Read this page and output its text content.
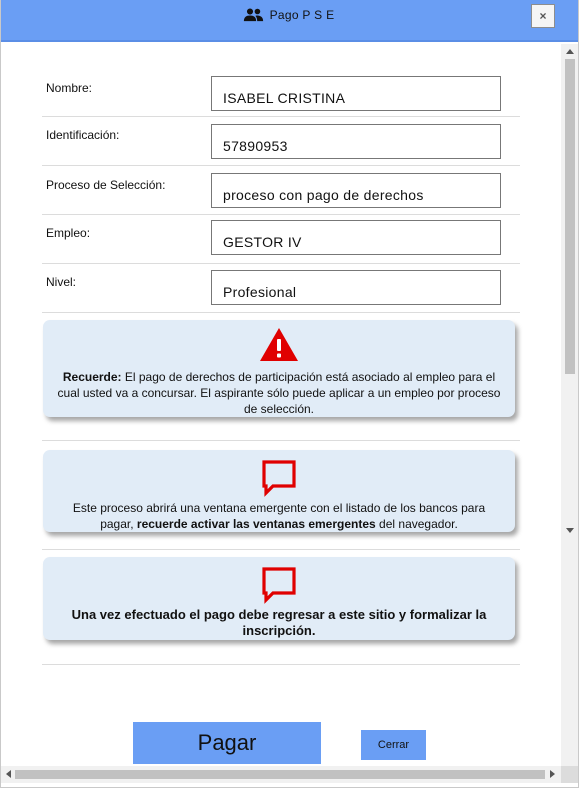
Pago P S E	×
Nombre:
ISABEL CRISTINA
Identificación:
57890953
Proceso de Selección:
proceso con pago de derechos
Empleo:
GESTOR IV
Nivel:
Profesional

Recuerde: El pago de derechos de participación está asociado al empleo para el cual usted va a concursar. El aspirante sólo puede aplicar a un empleo por proceso de selección.

Este proceso abrirá una ventana emergente con el listado de los bancos para pagar, recuerde activar las ventanas emergentes del navegador.

Una vez efectuado el pago debe regresar a este sitio y formalizar la inscripción.

Pagar	Cerrar
